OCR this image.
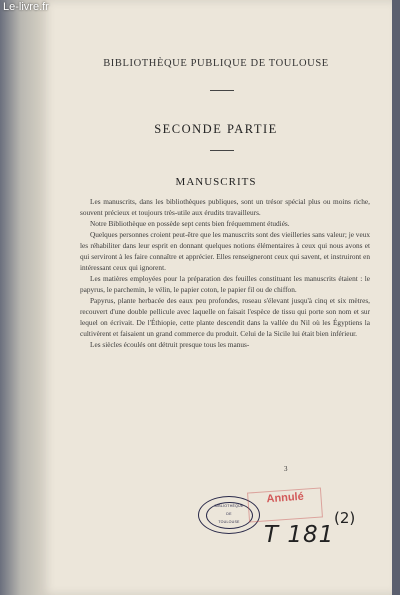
Le-livre.fr
BIBLIOTHÈQUE PUBLIQUE DE TOULOUSE
SECONDE PARTIE
MANUSCRITS

Les manuscrits, dans les bibliothèques publiques, sont un trésor spécial plus ou moins riche, souvent précieux et toujours très-utile aux érudits travailleurs.

Notre Bibliothèque en possède sept cents bien fréquemment étudiés.

Quelques personnes croient peut-être que les manuscrits sont des vieilleries sans valeur; je veux les réhabiliter dans leur esprit en donnant quelques notions élémentaires à ceux qui nous avons et qui serviront à les faire connaître et apprécier. Elles renseigneront ceux qui savent, et instruiront en intéressant ceux qui ignorent.

Les matières employées pour la préparation des feuilles constituant les manuscrits étaient : le papyrus, le parchemin, le vélin, le papier coton, le papier fil ou de chiffon.

Papyrus, plante herbacée des eaux peu profondes, roseau s'élevant jusqu'à cinq et six mètres, recouvert d'une double pellicule avec laquelle on faisait l'espèce de tissu qui porte son nom et sur lequel on écrivait. De l'Éthiopie, cette plante descendit dans la vallée du Nil où les Égyptiens la cultivèrent et faisaient un grand commerce du produit. Celui de la Sicile lui était bien inférieur.

Les siècles écoulés ont détruit presque tous les manus-

3
BIBLIOTHÈQUE
DE
TOULOUSE
Annulé
T 181
(2)
